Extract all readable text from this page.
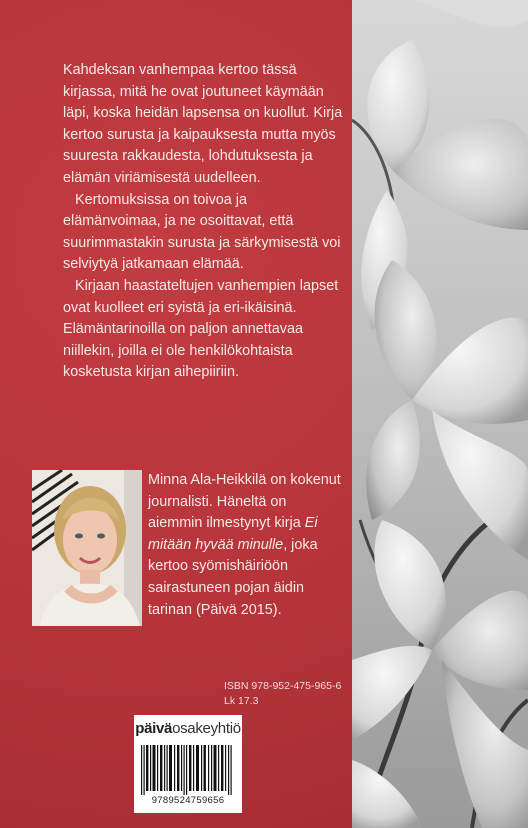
Kahdeksan vanhempaa kertoo tässä kirjassa, mitä he ovat joutuneet käymään läpi, koska heidän lapsensa on kuollut. Kirja kertoo surusta ja kaipauksesta mutta myös suuresta rakkaudesta, lohdutuksesta ja elämän viriämisestä uudelleen.

Kertomuksissa on toivoa ja elämänvoimaa, ja ne osoittavat, että suurimmastakin surusta ja särkymisestä voi selviytyä jatkamaan elämää.

Kirjaan haastateltujen vanhempien lapset ovat kuolleet eri syistä ja eri-ikäisinä. Elämäntarinoilla on paljon annettavaa niillekin, joilla ei ole henkilökohtaista kosketusta kirjan aihepiiriin.

Minna Ala-Heikkilä on kokenut journalisti. Häneltä on aiemmin ilmestynyt kirja Ei mitään hyvää minulle, joka kertoo syömishäiriöön sairastuneen pojan äidin tarinan (Päivä 2015).

ISBN 978-952-475-965-6
Lk 17.3
päiväosakeyhtiö
9789524759656
